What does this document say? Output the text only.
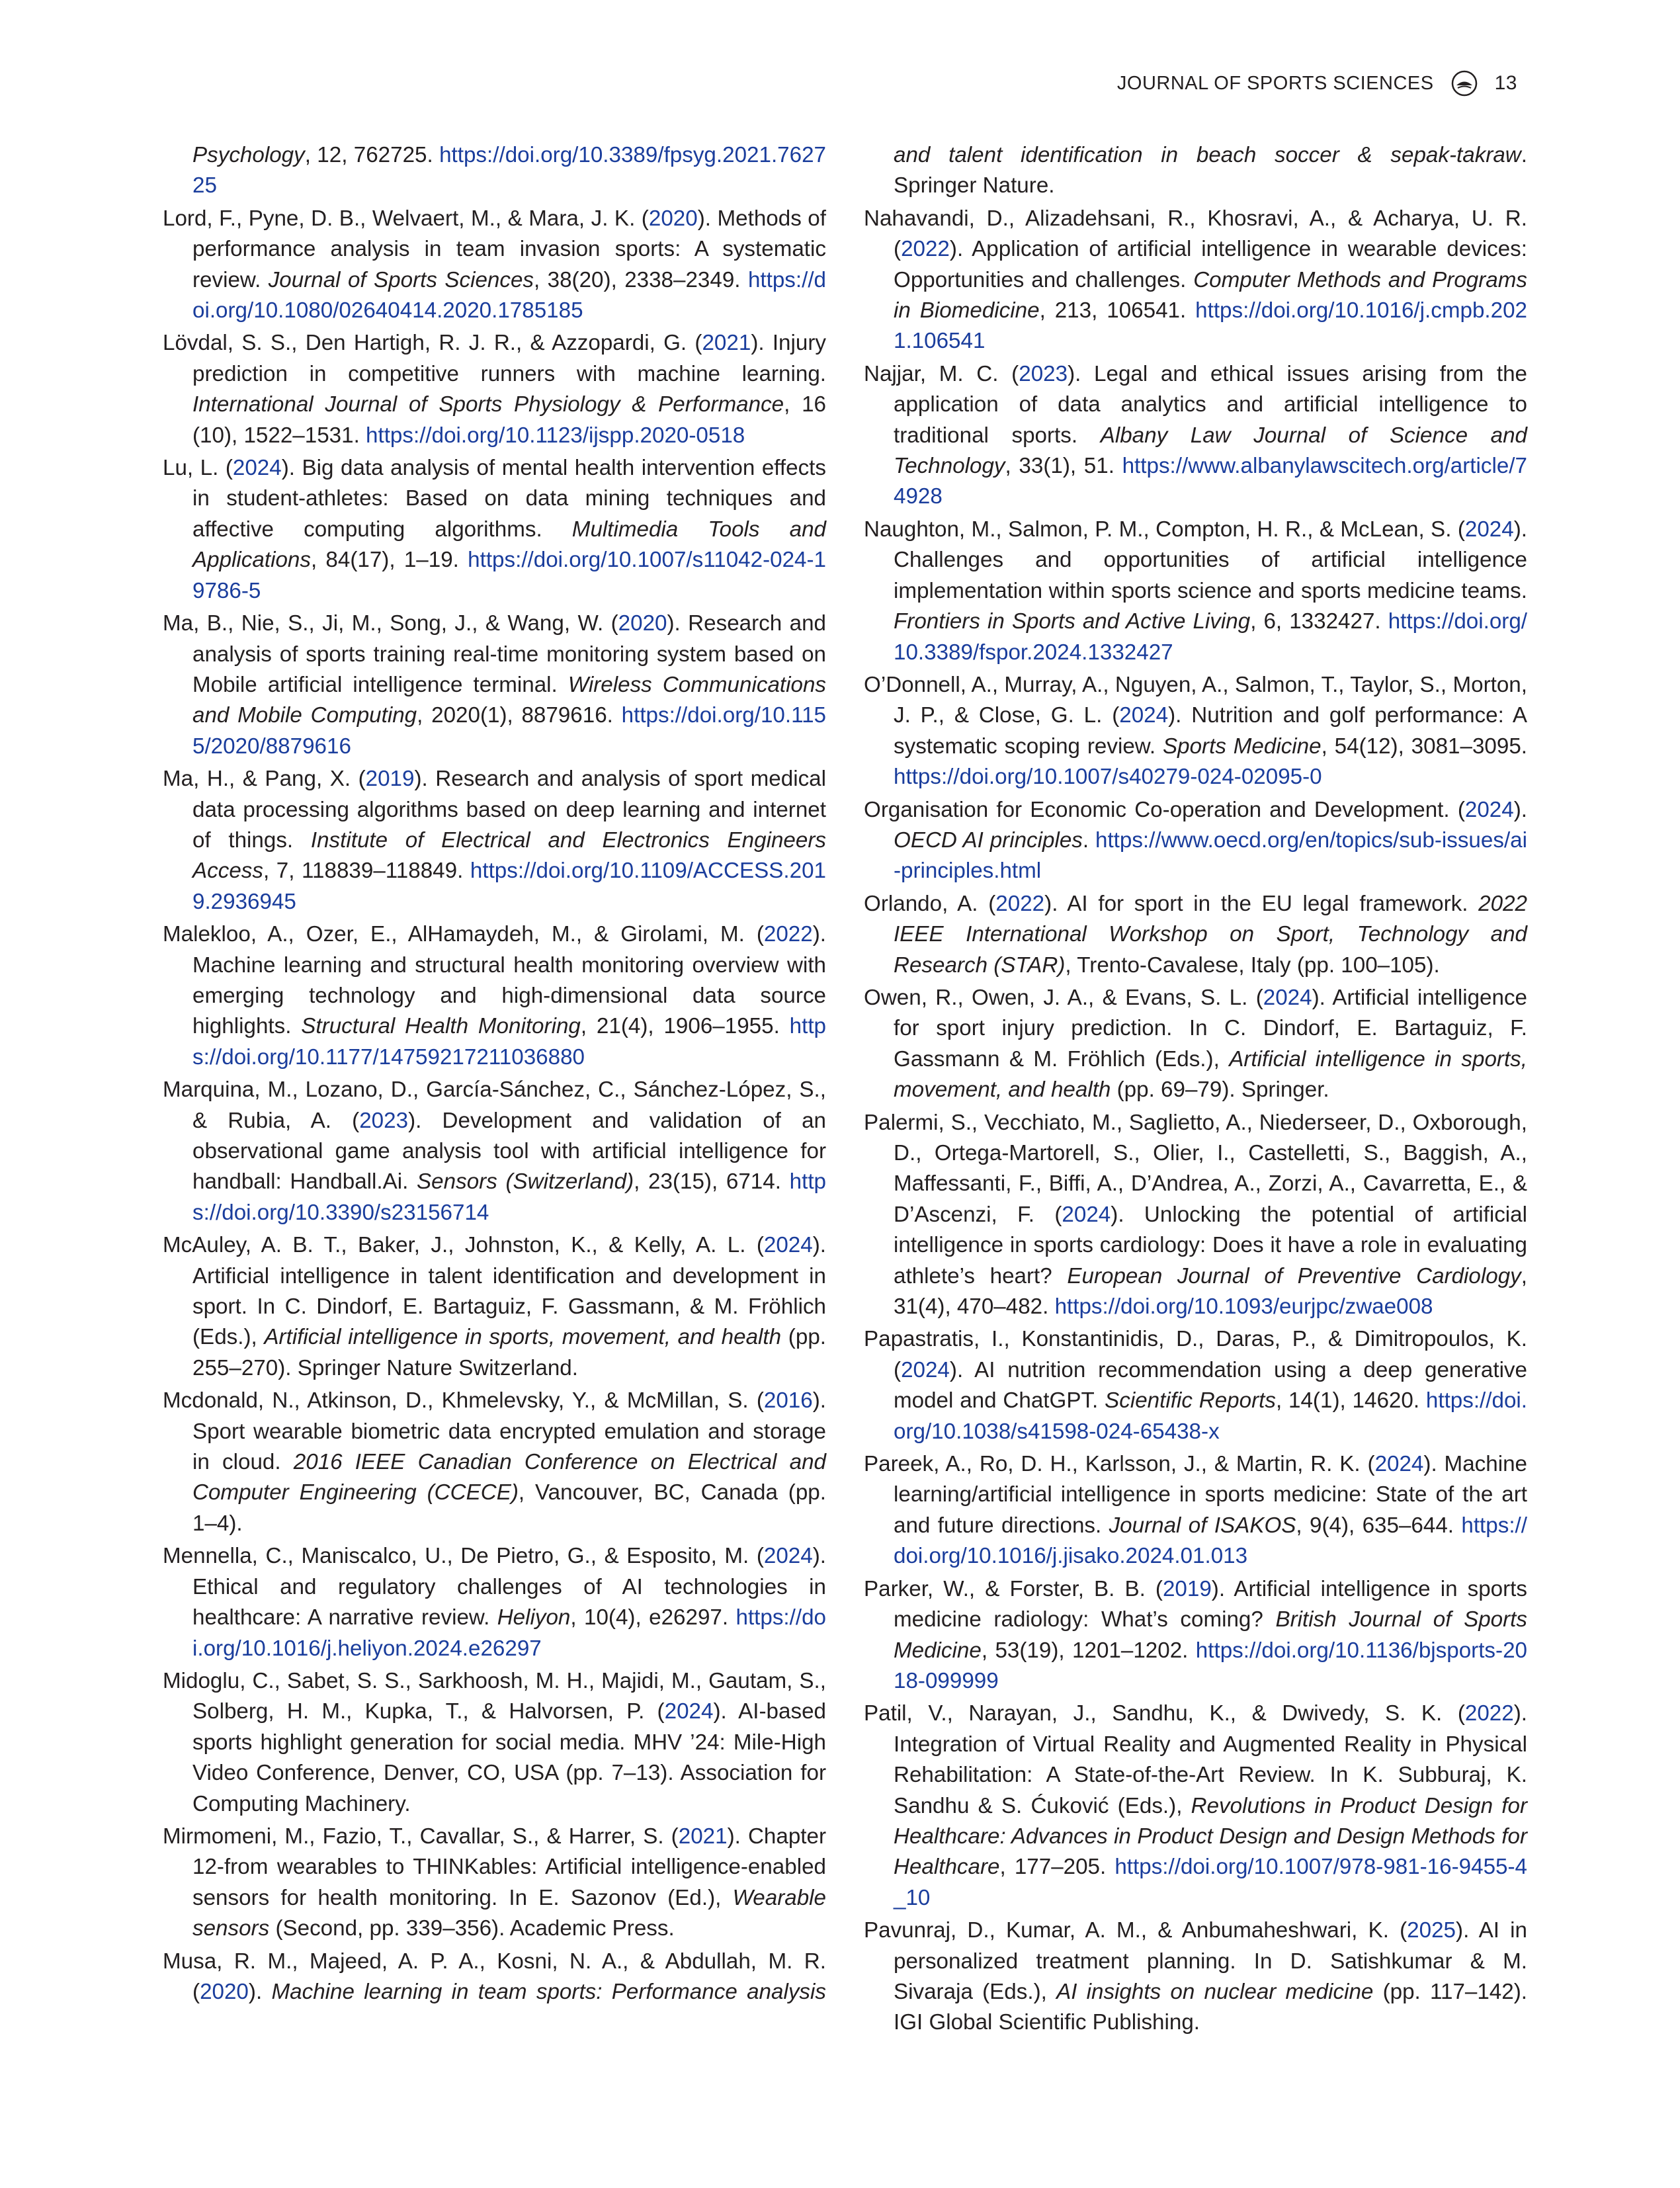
JOURNAL OF SPORTS SCIENCES	13

Psychology, 12, 762725. https://doi.org/10.3389/fpsyg.2021.762725

Lord, F., Pyne, D. B., Welvaert, M., & Mara, J. K. (2020). Methods of performance analysis in team invasion sports: A systematic review. Journal of Sports Sciences, 38(20), 2338–2349. https://doi.org/10.1080/02640414.2020.1785185

Lövdal, S. S., Den Hartigh, R. J. R., & Azzopardi, G. (2021). Injury prediction in competitive runners with machine learning. International Journal of Sports Physiology & Performance, 16 (10), 1522–1531. https://doi.org/10.1123/ijspp.2020-0518

Lu, L. (2024). Big data analysis of mental health intervention effects in student-athletes: Based on data mining techniques and affective computing algorithms. Multimedia Tools and Applications, 84(17), 1–19. https://doi.org/10.1007/s11042-024-19786-5

Ma, B., Nie, S., Ji, M., Song, J., & Wang, W. (2020). Research and analysis of sports training real-time monitoring system based on Mobile artificial intelligence terminal. Wireless Communications and Mobile Computing, 2020(1), 8879616. https://doi.org/10.1155/2020/8879616

Ma, H., & Pang, X. (2019). Research and analysis of sport medical data processing algorithms based on deep learning and internet of things. Institute of Electrical and Electronics Engineers Access, 7, 118839–118849. https://doi.org/10.1109/ACCESS.2019.2936945

Malekloo, A., Ozer, E., AlHamaydeh, M., & Girolami, M. (2022). Machine learning and structural health monitoring overview with emerging technology and high-dimensional data source highlights. Structural Health Monitoring, 21(4), 1906–1955. https://doi.org/10.1177/14759217211036880

Marquina, M., Lozano, D., García-Sánchez, C., Sánchez-López, S., & Rubia, A. (2023). Development and validation of an observational game analysis tool with artificial intelligence for handball: Handball.Ai. Sensors (Switzerland), 23(15), 6714. https://doi.org/10.3390/s23156714

McAuley, A. B. T., Baker, J., Johnston, K., & Kelly, A. L. (2024). Artificial intelligence in talent identification and development in sport. In C. Dindorf, E. Bartaguiz, F. Gassmann, & M. Fröhlich (Eds.), Artificial intelligence in sports, movement, and health (pp. 255–270). Springer Nature Switzerland.

Mcdonald, N., Atkinson, D., Khmelevsky, Y., & McMillan, S. (2016). Sport wearable biometric data encrypted emulation and storage in cloud. 2016 IEEE Canadian Conference on Electrical and Computer Engineering (CCECE), Vancouver, BC, Canada (pp. 1–4).

Mennella, C., Maniscalco, U., De Pietro, G., & Esposito, M. (2024). Ethical and regulatory challenges of AI technologies in healthcare: A narrative review. Heliyon, 10(4), e26297. https://doi.org/10.1016/j.heliyon.2024.e26297

Midoglu, C., Sabet, S. S., Sarkhoosh, M. H., Majidi, M., Gautam, S., Solberg, H. M., Kupka, T., & Halvorsen, P. (2024). AI-based sports highlight generation for social media. MHV ’24: Mile-High Video Conference, Denver, CO, USA (pp. 7–13). Association for Computing Machinery.

Mirmomeni, M., Fazio, T., Cavallar, S., & Harrer, S. (2021). Chapter 12-from wearables to THINKables: Artificial intelligence-enabled sensors for health monitoring. In E. Sazonov (Ed.), Wearable sensors (Second, pp. 339–356). Academic Press.

Musa, R. M., Majeed, A. P. A., Kosni, N. A., & Abdullah, M. R. (2020). Machine learning in team sports: Performance analysis

and talent identification in beach soccer & sepak-takraw. Springer Nature.

Nahavandi, D., Alizadehsani, R., Khosravi, A., & Acharya, U. R. (2022). Application of artificial intelligence in wearable devices: Opportunities and challenges. Computer Methods and Programs in Biomedicine, 213, 106541. https://doi.org/10.1016/j.cmpb.2021.106541

Najjar, M. C. (2023). Legal and ethical issues arising from the application of data analytics and artificial intelligence to traditional sports. Albany Law Journal of Science and Technology, 33(1), 51. https://www.albanylawscitech.org/article/74928

Naughton, M., Salmon, P. M., Compton, H. R., & McLean, S. (2024). Challenges and opportunities of artificial intelligence implementation within sports science and sports medicine teams. Frontiers in Sports and Active Living, 6, 1332427. https://doi.org/10.3389/fspor.2024.1332427

O’Donnell, A., Murray, A., Nguyen, A., Salmon, T., Taylor, S., Morton, J. P., & Close, G. L. (2024). Nutrition and golf performance: A systematic scoping review. Sports Medicine, 54(12), 3081–3095. https://doi.org/10.1007/s40279-024-02095-0

Organisation for Economic Co-operation and Development. (2024). OECD AI principles. https://www.oecd.org/en/topics/sub-issues/ai-principles.html

Orlando, A. (2022). AI for sport in the EU legal framework. 2022 IEEE International Workshop on Sport, Technology and Research (STAR), Trento-Cavalese, Italy (pp. 100–105).

Owen, R., Owen, J. A., & Evans, S. L. (2024). Artificial intelligence for sport injury prediction. In C. Dindorf, E. Bartaguiz, F. Gassmann & M. Fröhlich (Eds.), Artificial intelligence in sports, movement, and health (pp. 69–79). Springer.

Palermi, S., Vecchiato, M., Saglietto, A., Niederseer, D., Oxborough, D., Ortega-Martorell, S., Olier, I., Castelletti, S., Baggish, A., Maffessanti, F., Biffi, A., D’Andrea, A., Zorzi, A., Cavarretta, E., & D’Ascenzi, F. (2024). Unlocking the potential of artificial intelligence in sports cardiology: Does it have a role in evaluating athlete’s heart? European Journal of Preventive Cardiology, 31(4), 470–482. https://doi.org/10.1093/eurjpc/zwae008

Papastratis, I., Konstantinidis, D., Daras, P., & Dimitropoulos, K. (2024). AI nutrition recommendation using a deep generative model and ChatGPT. Scientific Reports, 14(1), 14620. https://doi.org/10.1038/s41598-024-65438-x

Pareek, A., Ro, D. H., Karlsson, J., & Martin, R. K. (2024). Machine learning/artificial intelligence in sports medicine: State of the art and future directions. Journal of ISAKOS, 9(4), 635–644. https://doi.org/10.1016/j.jisako.2024.01.013

Parker, W., & Forster, B. B. (2019). Artificial intelligence in sports medicine radiology: What’s coming? British Journal of Sports Medicine, 53(19), 1201–1202. https://doi.org/10.1136/bjsports-2018-099999

Patil, V., Narayan, J., Sandhu, K., & Dwivedy, S. K. (2022). Integration of Virtual Reality and Augmented Reality in Physical Rehabilitation: A State-of-the-Art Review. In K. Subburaj, K. Sandhu & S. Ćuković (Eds.), Revolutions in Product Design for Healthcare: Advances in Product Design and Design Methods for Healthcare, 177–205. https://doi.org/10.1007/978-981-16-9455-4_10

Pavunraj, D., Kumar, A. M., & Anbumaheshwari, K. (2025). AI in personalized treatment planning. In D. Satishkumar & M. Sivaraja (Eds.), AI insights on nuclear medicine (pp. 117–142). IGI Global Scientific Publishing.
